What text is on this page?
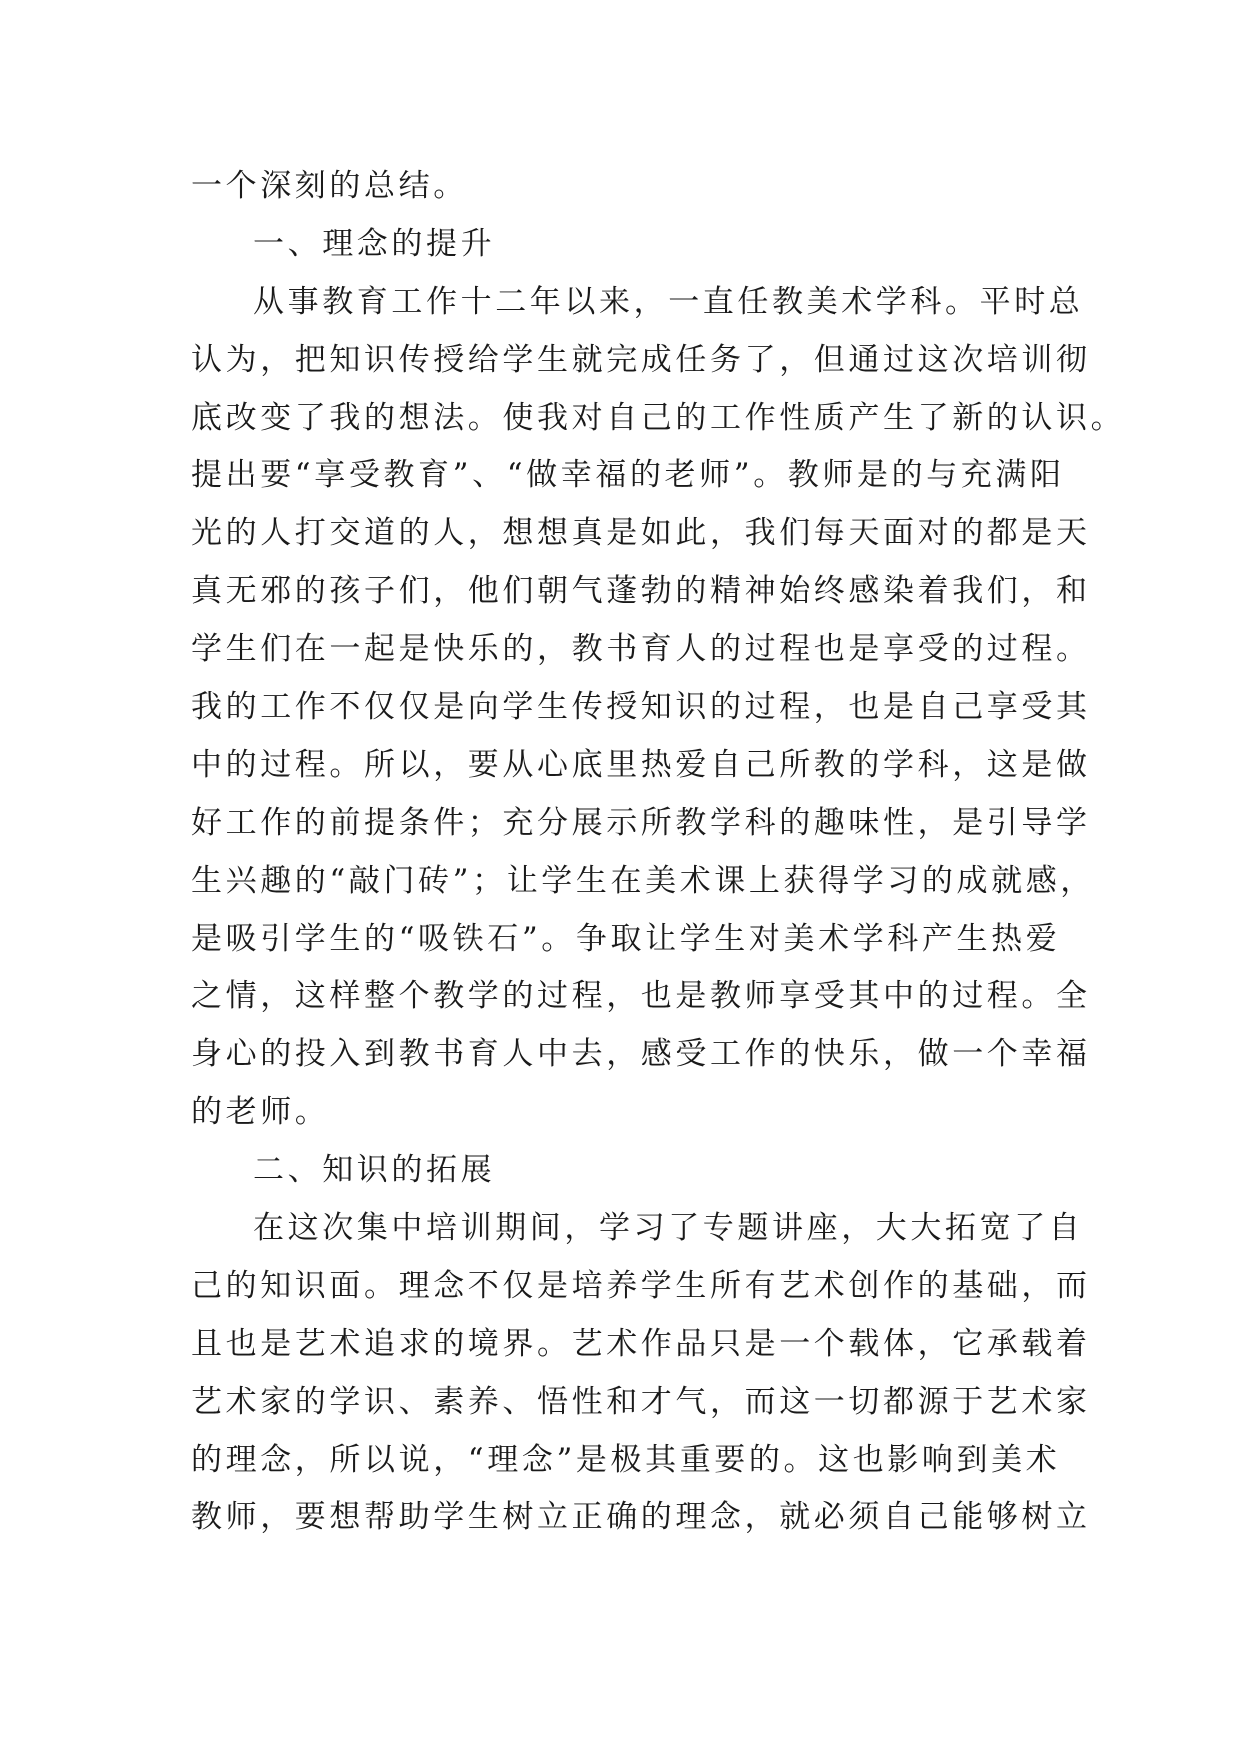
一个深刻的总结。
一、理念的提升
从事教育工作十二年以来，一直任教美术学科。平时总
认为，把知识传授给学生就完成任务了，但通过这次培训彻
底改变了我的想法。使我对自己的工作性质产生了新的认识。
提出要“享受教育”、“做幸福的老师”。教师是的与充满阳
光的人打交道的人，想想真是如此，我们每天面对的都是天
真无邪的孩子们，他们朝气蓬勃的精神始终感染着我们，和
学生们在一起是快乐的，教书育人的过程也是享受的过程。
我的工作不仅仅是向学生传授知识的过程，也是自己享受其
中的过程。所以，要从心底里热爱自己所教的学科，这是做
好工作的前提条件；充分展示所教学科的趣味性，是引导学
生兴趣的“敲门砖”；让学生在美术课上获得学习的成就感，
是吸引学生的“吸铁石”。争取让学生对美术学科产生热爱
之情，这样整个教学的过程，也是教师享受其中的过程。全
身心的投入到教书育人中去，感受工作的快乐，做一个幸福
的老师。
二、知识的拓展
在这次集中培训期间，学习了专题讲座，大大拓宽了自
己的知识面。理念不仅是培养学生所有艺术创作的基础，而
且也是艺术追求的境界。艺术作品只是一个载体，它承载着
艺术家的学识、素养、悟性和才气，而这一切都源于艺术家
的理念，所以说，“理念”是极其重要的。这也影响到美术
教师，要想帮助学生树立正确的理念，就必须自己能够树立
